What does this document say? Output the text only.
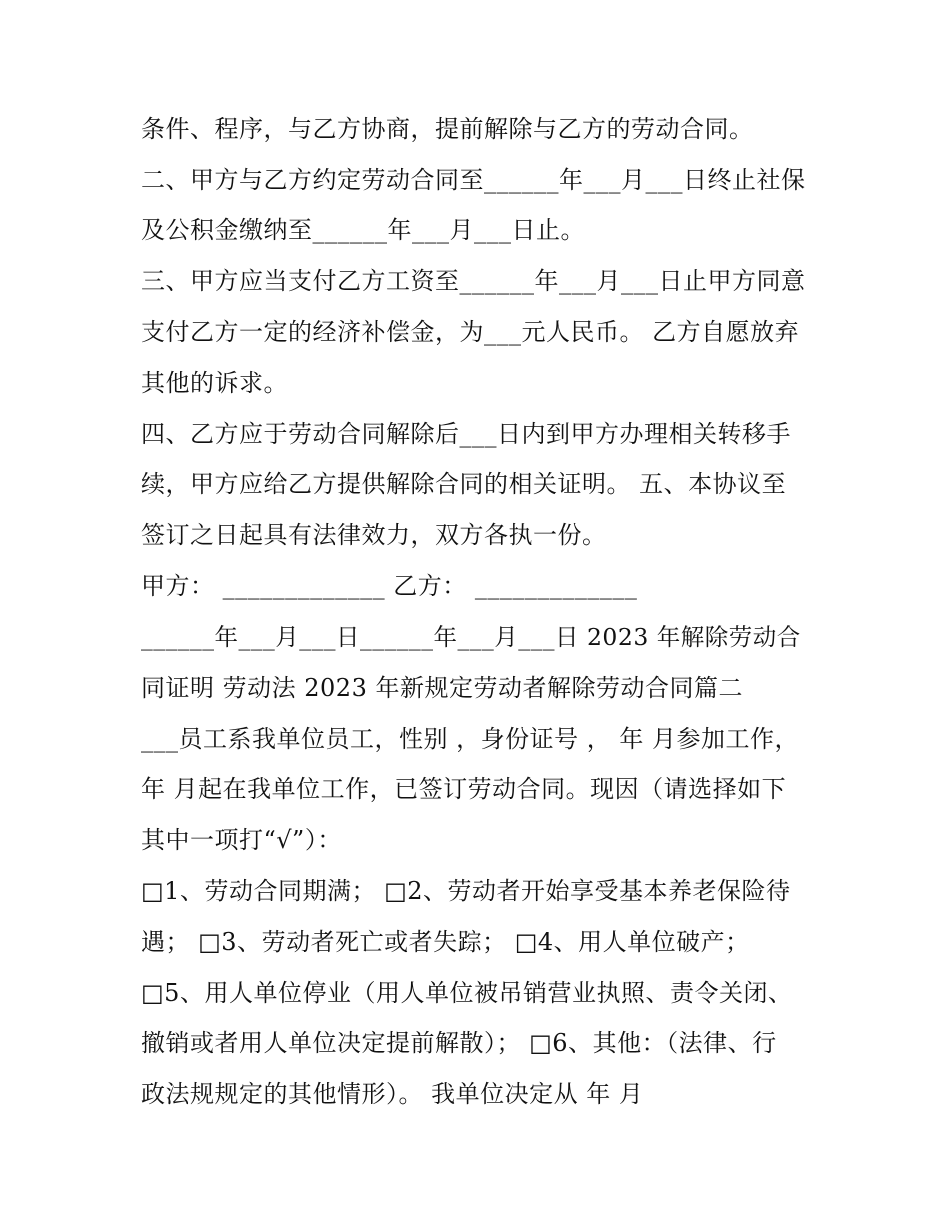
条件、程序，与乙方协商，提前解除与乙方的劳动合同。
二、甲方与乙方约定劳动合同至______年___月___日终止社保
及公积金缴纳至______年___月___日止。
三、甲方应当支付乙方工资至______年___月___日止甲方同意
支付乙方一定的经济补偿金，为___元人民币。 乙方自愿放弃
其他的诉求。
四、乙方应于劳动合同解除后___日内到甲方办理相关转移手
续，甲方应给乙方提供解除合同的相关证明。 五、本协议至
签订之日起具有法律效力，双方各执一份。
甲方： _____________ 乙方： _____________
______年___月___日______年___月___日 2023 年解除劳动合
同证明 劳动法 2023 年新规定劳动者解除劳动合同篇二
___员工系我单位员工，性别 ，身份证号 ， 年 月参加工作，
年 月起在我单位工作，已签订劳动合同。现因（请选择如下
其中一项打“√”）：
□1、劳动合同期满； □2、劳动者开始享受基本养老保险待
遇； □3、劳动者死亡或者失踪； □4、用人单位破产；
□5、用人单位停业（用人单位被吊销营业执照、责令关闭、
撤销或者用人单位决定提前解散）； □6、其他：（法律、行
政法规规定的其他情形）。 我单位决定从 年 月
